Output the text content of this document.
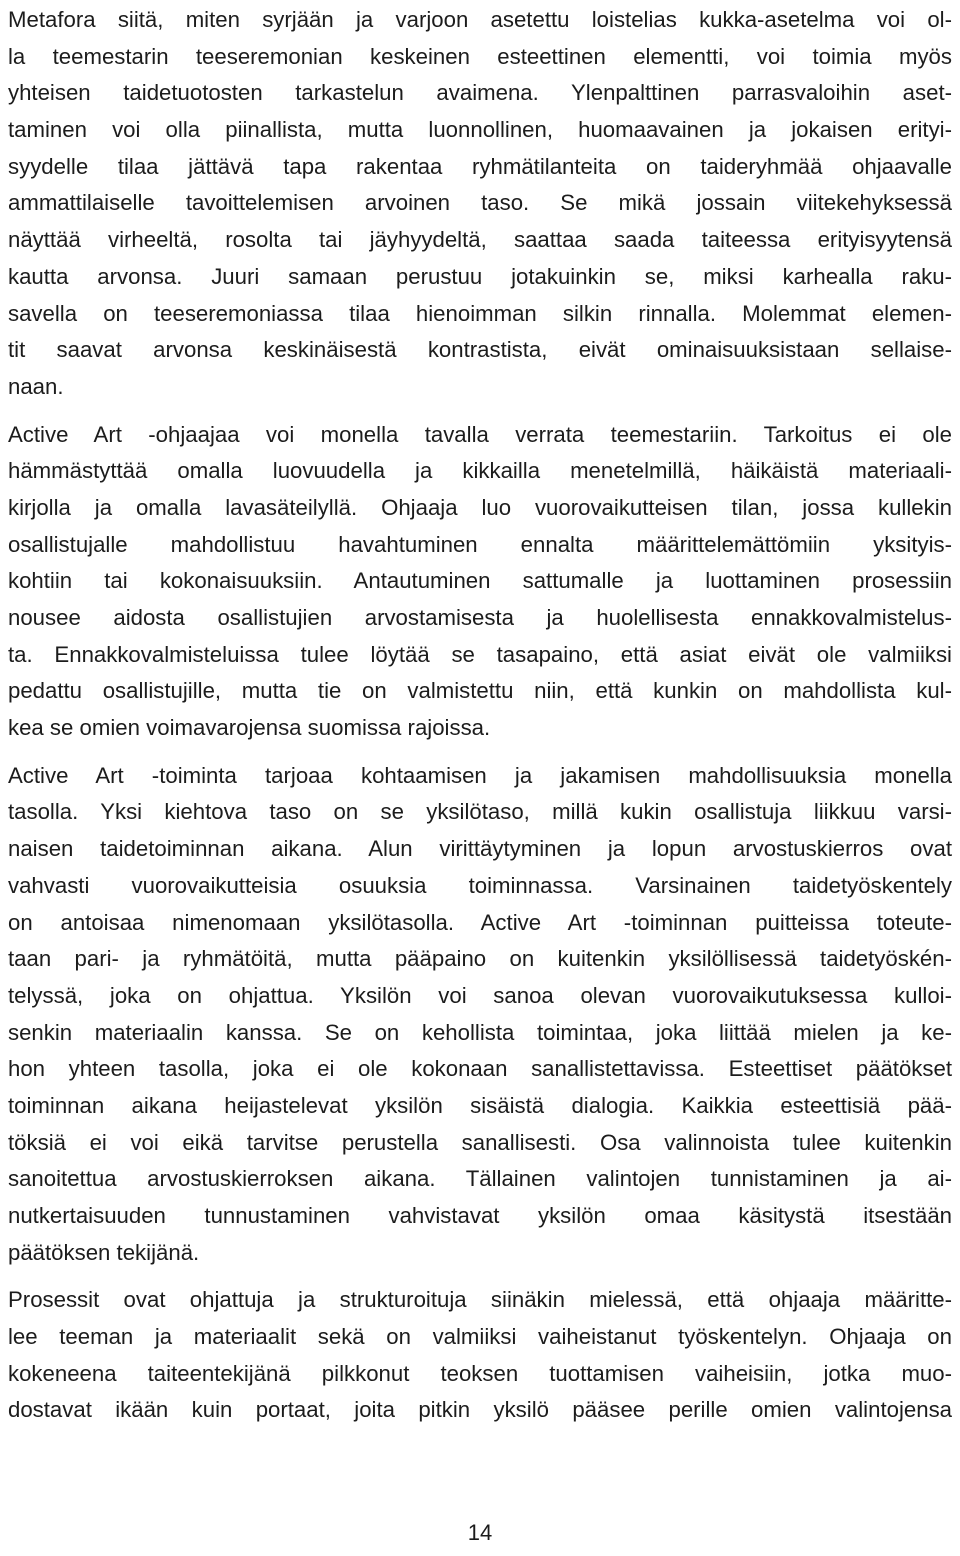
Metafora siitä, miten syrjään ja varjoon asetettu loistelias kukka-asetelma voi ol-
la teemestarin teeseremonian keskeinen esteettinen elementti, voi toimia myös
yhteisen taidetuotosten tarkastelun avaimena. Ylenpalttinen parrasvaloihin aset-
taminen voi olla piinallista, mutta luonnollinen, huomaavainen ja jokaisen erityi-
syydelle tilaa jättävä tapa rakentaa ryhmätilanteita on taideryhmää ohjaavalle
ammattilaiselle tavoittelemisen arvoinen taso. Se mikä jossain viitekehyksessä
näyttää virheeltä, rosolta tai jäyhyydeltä, saattaa saada taiteessa erityisyytensä
kautta arvonsa. Juuri samaan perustuu jotakuinkin se, miksi karhealla raku-
savella on teeseremoniassa tilaa hienoimman silkin rinnalla. Molemmat elemen-
tit saavat arvonsa keskinäisestä kontrastista, eivät ominaisuuksistaan sellaise-
naan.

Active Art -ohjaajaa voi monella tavalla verrata teemestariin. Tarkoitus ei ole
hämmästyttää omalla luovuudella ja kikkailla menetelmillä, häikäistä materiaali-
kirjolla ja omalla lavasäteilyllä. Ohjaaja luo vuorovaikutteisen tilan, jossa kullekin
osallistujalle mahdollistuu havahtuminen ennalta määrittelemättömiin yksityis-
kohtiin tai kokonaisuuksiin. Antautuminen sattumalle ja luottaminen prosessiin
nousee aidosta osallistujien arvostamisesta ja huolellisesta ennakkovalmistelus-
ta. Ennakkovalmisteluissa tulee löytää se tasapaino, että asiat eivät ole valmiiksi
pedattu osallistujille, mutta tie on valmistettu niin, että kunkin on mahdollista kul-
kea se omien voimavarojensa suomissa rajoissa.

Active Art -toiminta tarjoaa kohtaamisen ja jakamisen mahdollisuuksia monella
tasolla. Yksi kiehtova taso on se yksilötaso, millä kukin osallistuja liikkuu varsi-
naisen taidetoiminnan aikana. Alun virittäytyminen ja lopun arvostuskierros ovat
vahvasti vuorovaikutteisia osuuksia toiminnassa. Varsinainen taidetyöskentely
on antoisaa nimenomaan yksilötasolla. Active Art -toiminnan puitteissa toteute-
taan pari- ja ryhmätöitä, mutta pääpaino on kuitenkin yksilöllisessä taidetyöskén-
telyssä, joka on ohjattua. Yksilön voi sanoa olevan vuorovaikutuksessa kulloi-
senkin materiaalin kanssa. Se on kehollista toimintaa, joka liittää mielen ja ke-
hon yhteen tasolla, joka ei ole kokonaan sanallistettavissa. Esteettiset päätökset
toiminnan aikana heijastelevat yksilön sisäistä dialogia. Kaikkia esteettisiä pää-
töksiä ei voi eikä tarvitse perustella sanallisesti. Osa valinnoista tulee kuitenkin
sanoitettua arvostuskierroksen aikana. Tällainen valintojen tunnistaminen ja ai-
nutkertaisuuden tunnustaminen vahvistavat yksilön omaa käsitystä itsestään
päätöksen tekijänä.

Prosessit ovat ohjattuja ja strukturoituja siinäkin mielessä, että ohjaaja määritte-
lee teeman ja materiaalit sekä on valmiiksi vaiheistanut työskentelyn. Ohjaaja on
kokeneena taiteentekijänä pilkkonut teoksen tuottamisen vaiheisiin, jotka muo-
dostavat ikään kuin portaat, joita pitkin yksilö pääsee perille omien valintojensa

14
